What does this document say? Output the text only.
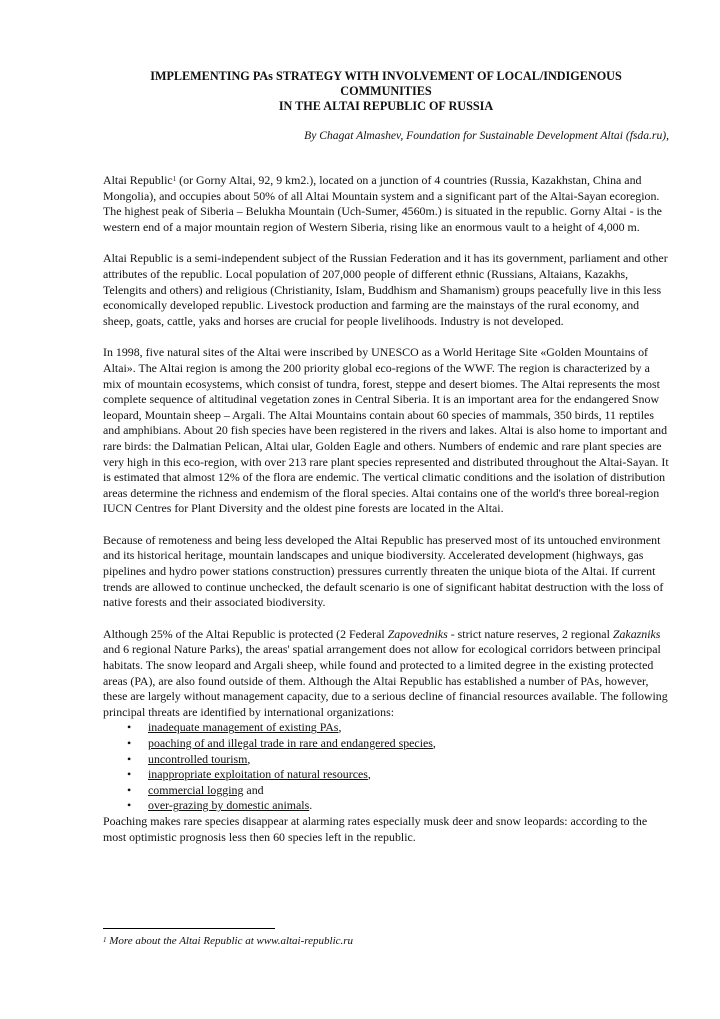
IMPLEMENTING PAs STRATEGY WITH INVOLVEMENT OF LOCAL/INDIGENOUS
COMMUNITIES
IN THE ALTAI REPUBLIC OF RUSSIA
By Chagat Almashev, Foundation for Sustainable Development Altai (fsda.ru),

Altai Republic$^1$ (or Gorny Altai, 92, 9 km2.), located on a junction of 4 countries (Russia, Kazakhstan, China and Mongolia), and occupies about 50% of all Altai Mountain system and a significant part of the Altai-Sayan ecoregion. The highest peak of Siberia – Belukha Mountain (Uch-Sumer, 4560m.) is situated in the republic. Gorny Altai - is the western end of a major mountain region of Western Siberia, rising like an enormous vault to a height of 4,000 m.

Altai Republic is a semi-independent subject of the Russian Federation and it has its government, parliament and other attributes of the republic. Local population of 207,000 people of different ethnic (Russians, Altaians, Kazakhs, Telengits and others) and religious (Christianity, Islam, Buddhism and Shamanism) groups peacefully live in this less economically developed republic. Livestock production and farming are the mainstays of the rural economy, and sheep, goats, cattle, yaks and horses are crucial for people livelihoods. Industry is not developed.

In 1998, five natural sites of the Altai were inscribed by UNESCO as a World Heritage Site «Golden Mountains of Altai». The Altai region is among the 200 priority global eco-regions of the WWF. The region is characterized by a mix of mountain ecosystems, which consist of tundra, forest, steppe and desert biomes. The Altai represents the most complete sequence of altitudinal vegetation zones in Central Siberia. It is an important area for the endangered Snow leopard, Mountain sheep – Argali. The Altai Mountains contain about 60 species of mammals, 350 birds, 11 reptiles and amphibians. About 20 fish species have been registered in the rivers and lakes. Altai is also home to important and rare birds: the Dalmatian Pelican, Altai ular, Golden Eagle and others. Numbers of endemic and rare plant species are very high in this eco-region, with over 213 rare plant species represented and distributed throughout the Altai-Sayan. It is estimated that almost 12% of the flora are endemic. The vertical climatic conditions and the isolation of distribution areas determine the richness and endemism of the floral species. Altai contains one of the world's three boreal-region IUCN Centres for Plant Diversity and the oldest pine forests are located in the Altai.

Because of remoteness and being less developed the Altai Republic has preserved most of its untouched environment and its historical heritage, mountain landscapes and unique biodiversity. Accelerated development (highways, gas pipelines and hydro power stations construction) pressures currently threaten the unique biota of the Altai. If current trends are allowed to continue unchecked, the default scenario is one of significant habitat destruction with the loss of native forests and their associated biodiversity.

Although 25% of the Altai Republic is protected (2 Federal Zapovedniks - strict nature reserves, 2 regional Zakazniks and 6 regional Nature Parks), the areas' spatial arrangement does not allow for ecological corridors between principal habitats. The snow leopard and Argali sheep, while found and protected to a limited degree in the existing protected areas (PA), are also found outside of them. Although the Altai Republic has established a number of PAs, however, these are largely without management capacity, due to a serious decline of financial resources available. The following principal threats are identified by international organizations:

• inadequate management of existing PAs,
• poaching of and illegal trade in rare and endangered species,
• uncontrolled tourism,
• inappropriate exploitation of natural resources,
• commercial logging and
• over-grazing by domestic animals.

Poaching makes rare species disappear at alarming rates especially musk deer and snow leopards: according to the most optimistic prognosis less then 60 species left in the republic.

$^1$ More about the Altai Republic at www.altai-republic.ru
